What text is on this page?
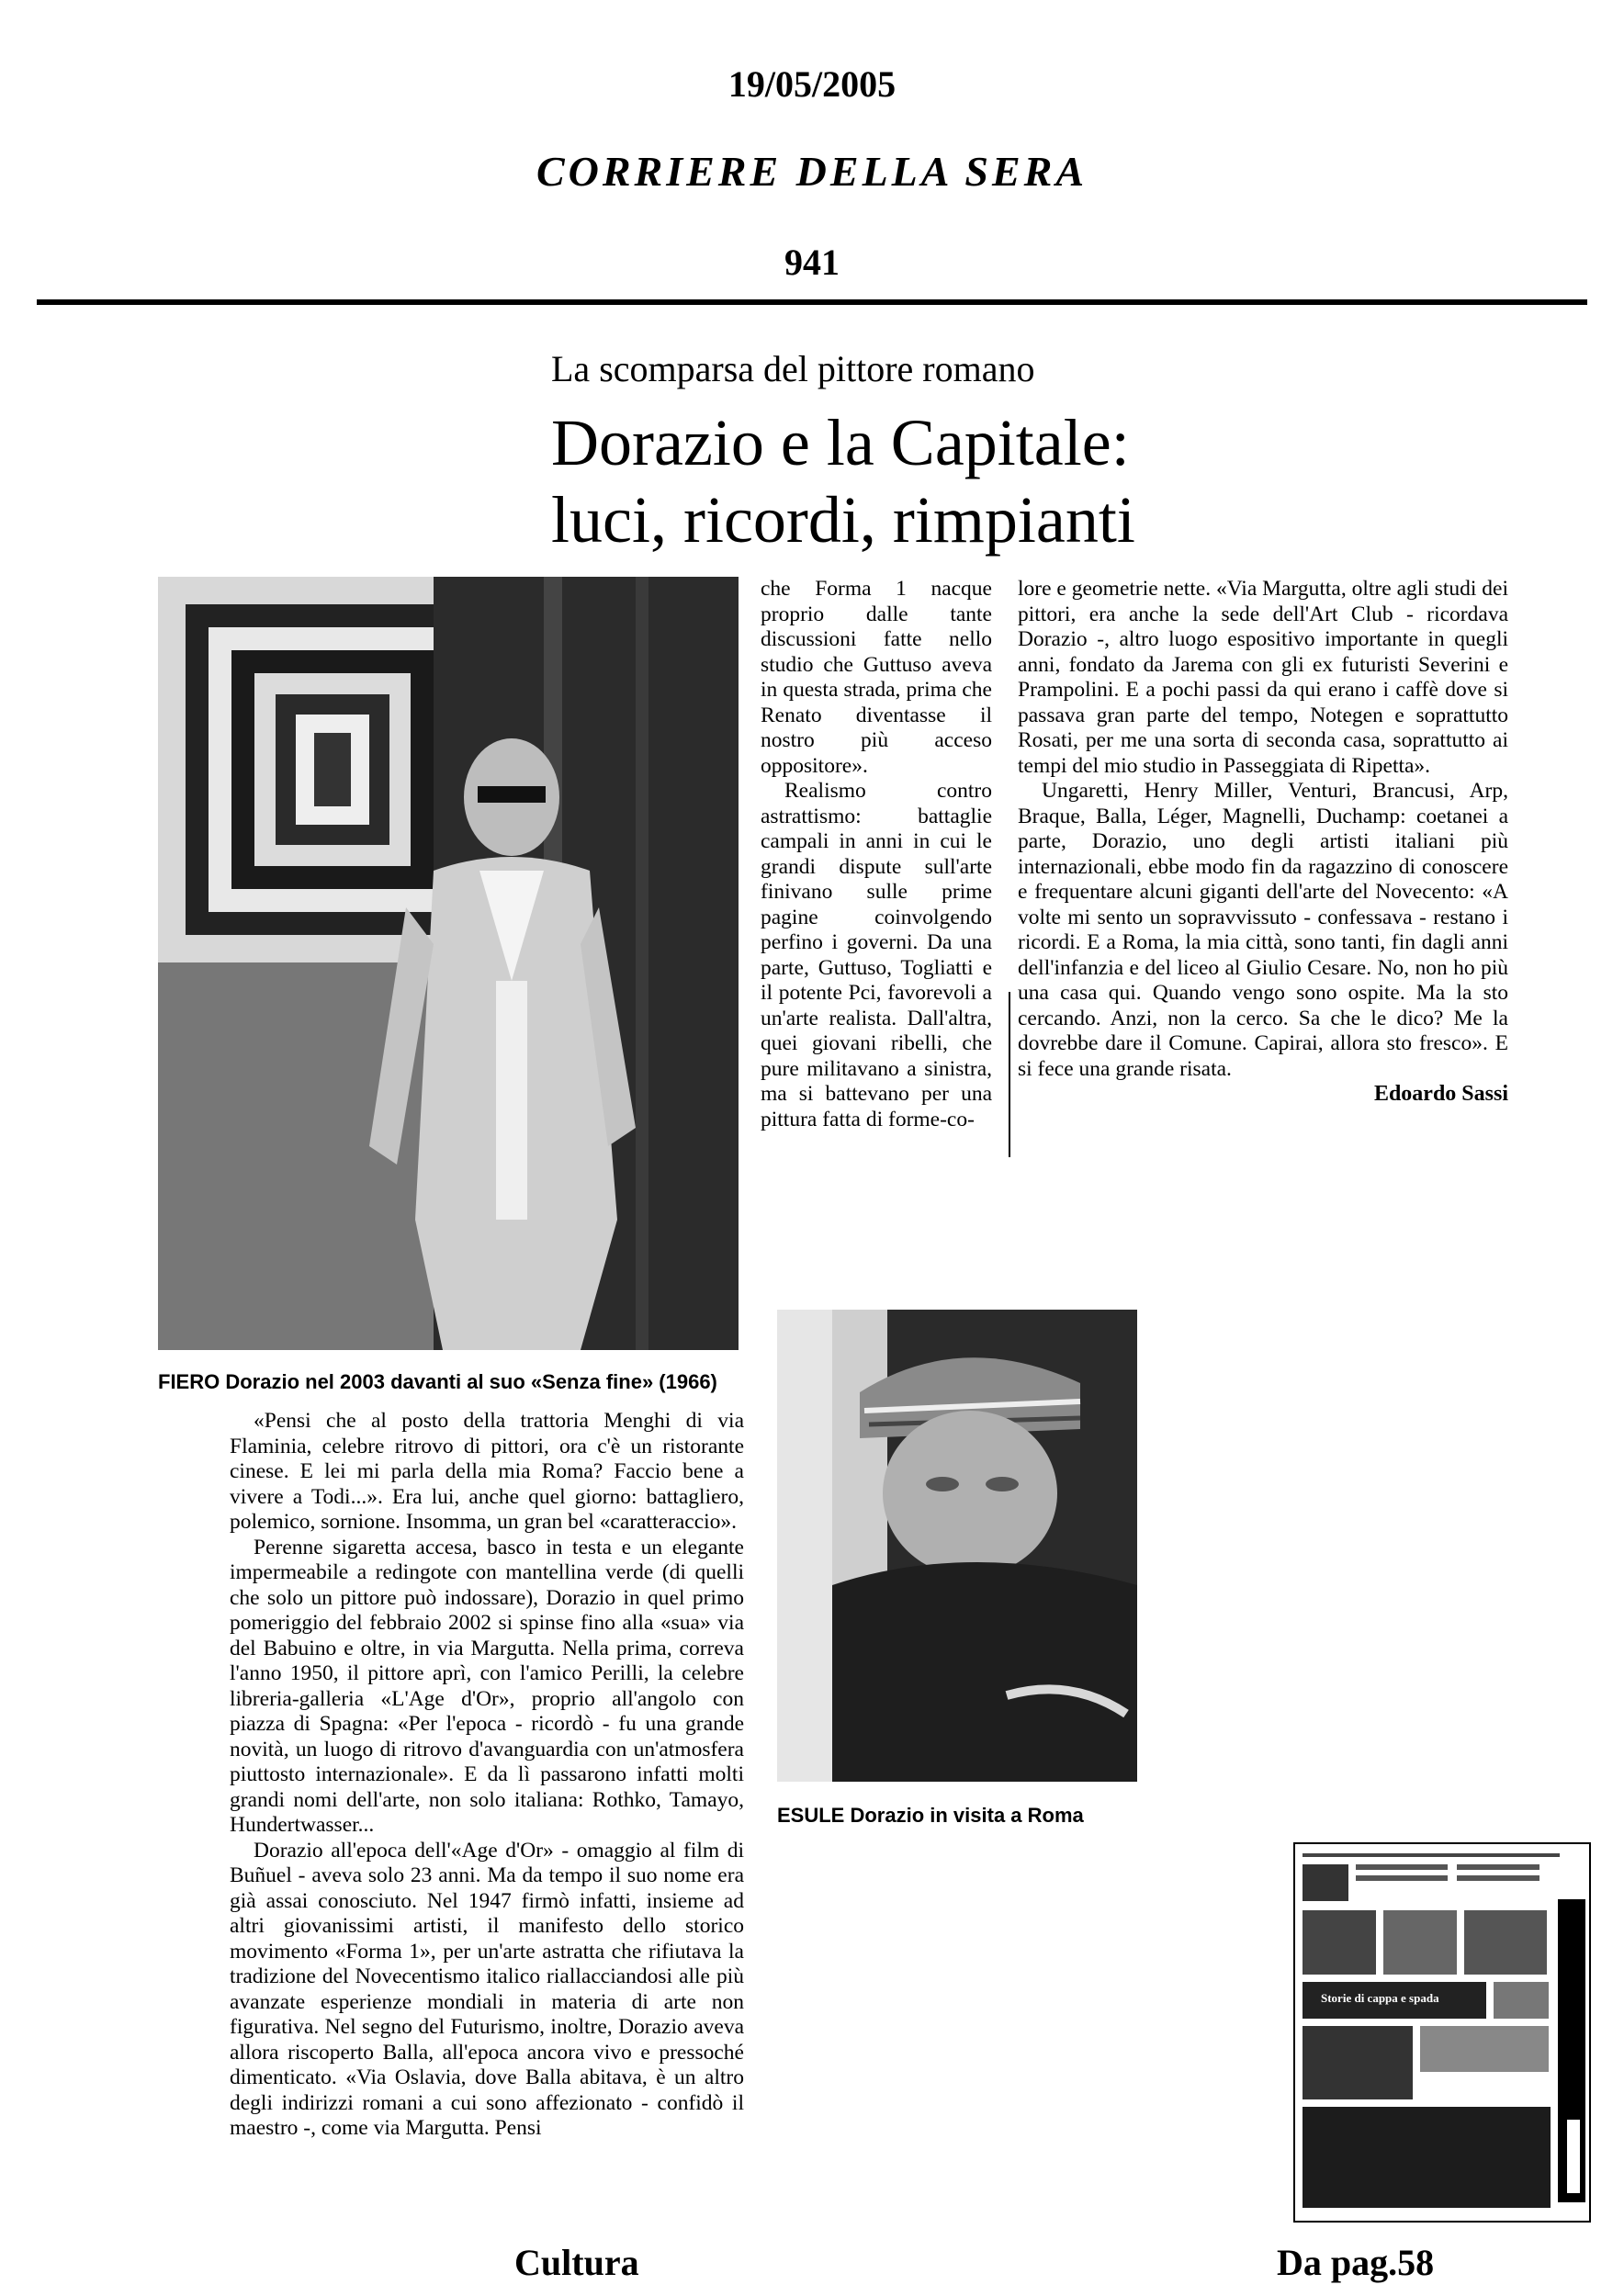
19/05/2005
CORRIERE DELLA SERA
941
La scomparsa del pittore romano
Dorazio e la Capitale:
luci, ricordi, rimpianti
FIERO Dorazio nel 2003 davanti al suo «Senza fine» (1966)

che Forma 1 nacque proprio dalle tante discussioni fatte nello studio che Guttuso aveva in questa strada, prima che Renato diventasse il nostro più acceso oppositore».

Realismo contro astrattismo: battaglie campali in anni in cui le grandi dispute sull'arte finivano sulle prime pagine coinvolgendo perfino i governi. Da una parte, Guttuso, Togliatti e il potente Pci, favorevoli a un'arte realista. Dall'altra, quei giovani ribelli, che pure militavano a sinistra, ma si battevano per una pittura fatta di forme-co-

lore e geometrie nette. «Via Margutta, oltre agli studi dei pittori, era anche la sede dell'Art Club - ricordava Dorazio -, altro luogo espositivo importante in quegli anni, fondato da Jarema con gli ex futuristi Severini e Prampolini. E a pochi passi da qui erano i caffè dove si passava gran parte del tempo, Notegen e soprattutto Rosati, per me una sorta di seconda casa, soprattutto ai tempi del mio studio in Passeggiata di Ripetta».

Ungaretti, Henry Miller, Venturi, Brancusi, Arp, Braque, Balla, Léger, Magnelli, Duchamp: coetanei a parte, Dorazio, uno degli artisti italiani più internazionali, ebbe modo fin da ragazzino di conoscere e frequentare alcuni giganti dell'arte del Novecento: «A volte mi sento un sopravvissuto - confessava - restano i ricordi. E a Roma, la mia città, sono tanti, fin dagli anni dell'infanzia e del liceo al Giulio Cesare. No, non ho più una casa qui. Quando vengo sono ospite. Ma la sto cercando. Anzi, non la cerco. Sa che le dico? Me la dovrebbe dare il Comune. Capirai, allora sto fresco». E si fece una grande risata.

Edoardo Sassi
ESULE Dorazio in visita a Roma

«Pensi che al posto della trattoria Menghi di via Flaminia, celebre ritrovo di pittori, ora c'è un ristorante cinese. E lei mi parla della mia Roma? Faccio bene a vivere a Todi...». Era lui, anche quel giorno: battagliero, polemico, sornione. Insomma, un gran bel «caratteraccio».

Perenne sigaretta accesa, basco in testa e un elegante impermeabile a redingote con mantellina verde (di quelli che solo un pittore può indossare), Dorazio in quel primo pomeriggio del febbraio 2002 si spinse fino alla «sua» via del Babuino e oltre, in via Margutta. Nella prima, correva l'anno 1950, il pittore aprì, con l'amico Perilli, la celebre libreria-galleria «L'Age d'Or», proprio all'angolo con piazza di Spagna: «Per l'epoca - ricordò - fu una grande novità, un luogo di ritrovo d'avanguardia con un'atmosfera piuttosto internazionale». E da lì passarono infatti molti grandi nomi dell'arte, non solo italiana: Rothko, Tamayo, Hundertwasser...

Dorazio all'epoca dell'«Age d'Or» - omaggio al film di Buñuel - aveva solo 23 anni. Ma da tempo il suo nome era già assai conosciuto. Nel 1947 firmò infatti, insieme ad altri giovanissimi artisti, il manifesto dello storico movimento «Forma 1», per un'arte astratta che rifiutava la tradizione del Novecentismo italico riallacciandosi alle più avanzate esperienze mondiali in materia di arte non figurativa. Nel segno del Futurismo, inoltre, Dorazio aveva allora riscoperto Balla, all'epoca ancora vivo e pressoché dimenticato. «Via Oslavia, dove Balla abitava, è un altro degli indirizzi romani a cui sono affezionato - confidò il maestro -, come via Margutta. Pensi

Storie di cappa e spada
Cultura	Da pag.58
